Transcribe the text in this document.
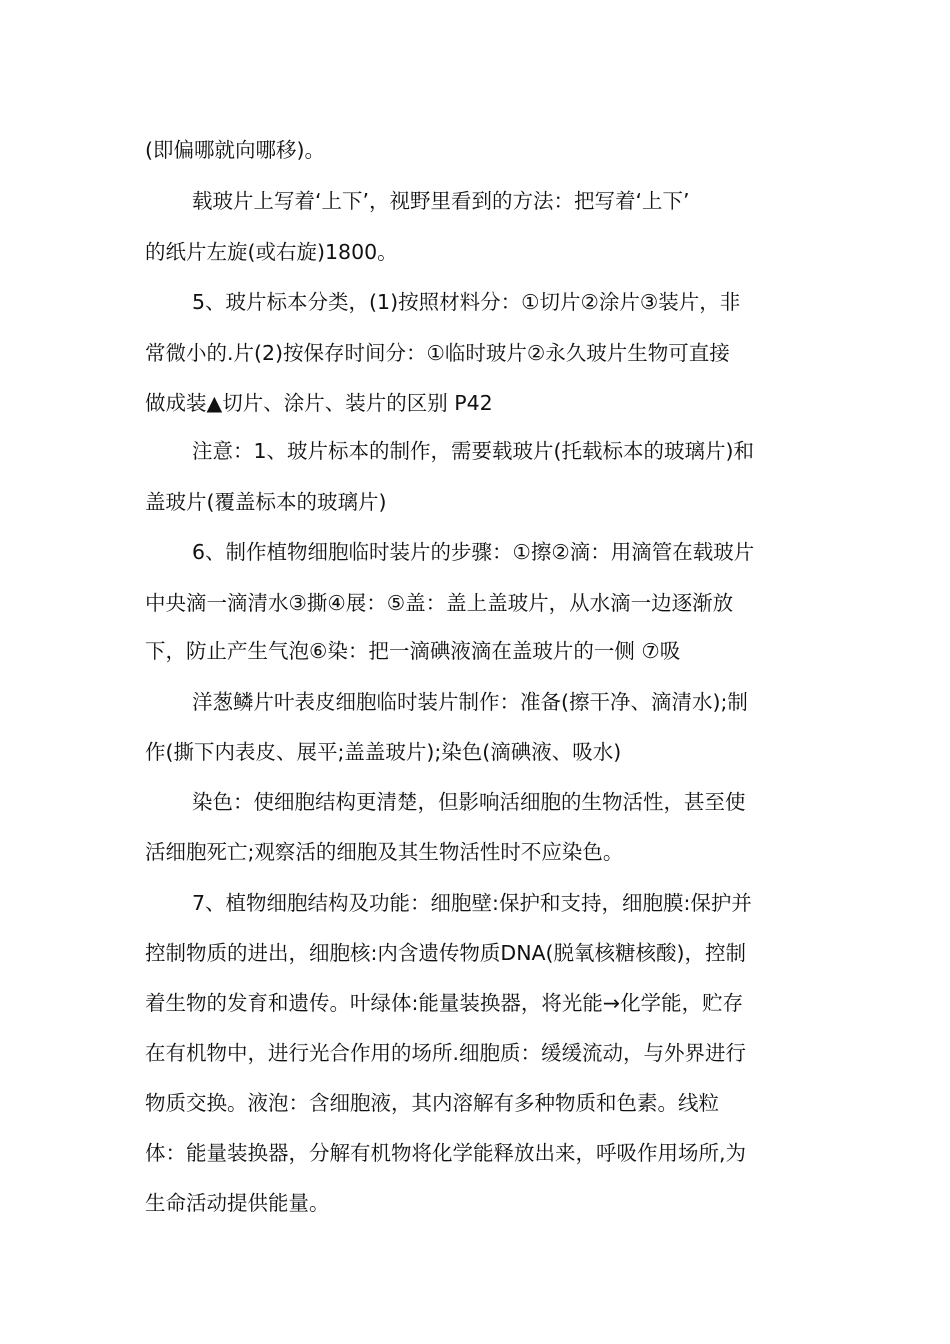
(即偏哪就向哪移)。
载玻片上写着‘上下’，视野里看到的方法：把写着‘上下’
的纸片左旋(或右旋)1800。
5、玻片标本分类，(1)按照材料分：①切片②涂片③装片，非
常微小的.片(2)按保存时间分：①临时玻片②永久玻片生物可直接
做成装▲切片、涂片、装片的区别 P42
注意：1、玻片标本的制作，需要载玻片(托载标本的玻璃片)和
盖玻片(覆盖标本的玻璃片)
6、制作植物细胞临时装片的步骤：①擦②滴：用滴管在载玻片
中央滴一滴清水③撕④展：⑤盖：盖上盖玻片，从水滴一边逐渐放
下，防止产生气泡⑥染：把一滴碘液滴在盖玻片的一侧 ⑦吸
洋葱鳞片叶表皮细胞临时装片制作：准备(擦干净、滴清水);制
作(撕下内表皮、展平;盖盖玻片);染色(滴碘液、吸水)
染色：使细胞结构更清楚，但影响活细胞的生物活性，甚至使
活细胞死亡;观察活的细胞及其生物活性时不应染色。
7、植物细胞结构及功能：细胞壁:保护和支持，细胞膜:保护并
控制物质的进出，细胞核:内含遗传物质DNA(脱氧核糖核酸)，控制
着生物的发育和遗传。叶绿体:能量装换器，将光能→化学能，贮存
在有机物中，进行光合作用的场所.细胞质：缓缓流动，与外界进行
物质交换。液泡：含细胞液，其内溶解有多种物质和色素。线粒
体：能量装换器，分解有机物将化学能释放出来，呼吸作用场所,为
生命活动提供能量。
